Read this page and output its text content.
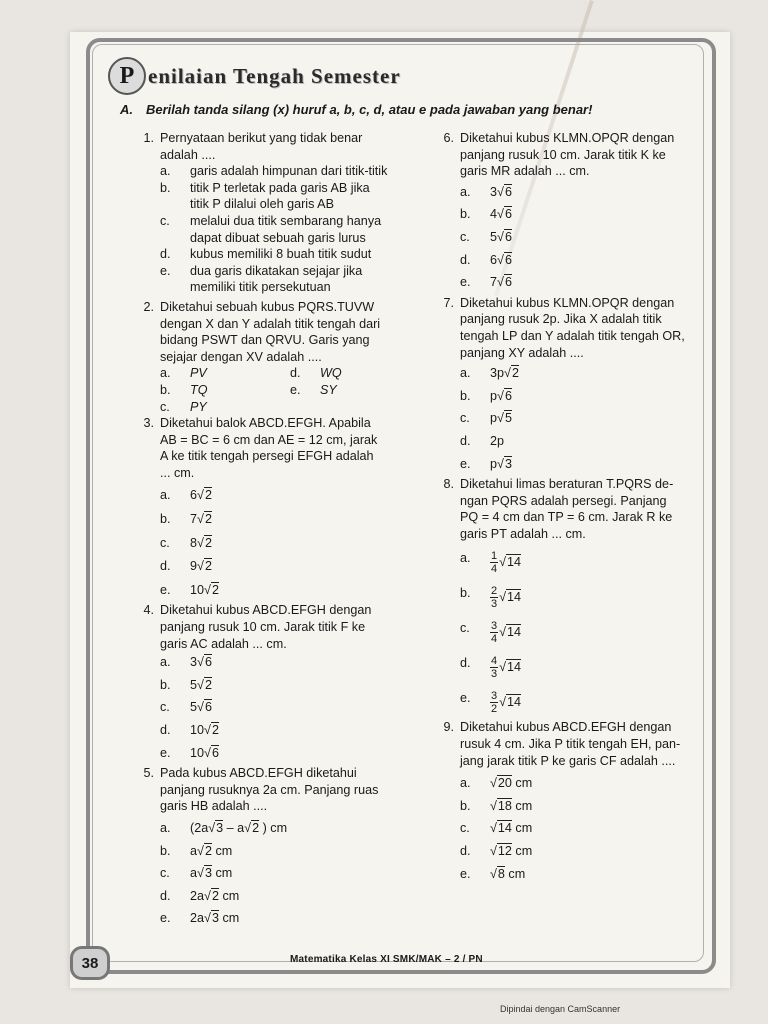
P enilaian Tengah Semester
A. Berilah tanda silang (x) huruf a, b, c, d, atau e pada jawaban yang benar!
1. Pernyataan berikut yang tidak benar
adalah ....
a. garis adalah himpunan dari titik-titik
b. titik P terletak pada garis AB jika
titik P dilalui oleh garis AB
c. melalui dua titik sembarang hanya
dapat dibuat sebuah garis lurus
d. kubus memiliki 8 buah titik sudut
e. dua garis dikatakan sejajar jika
memiliki titik persekutuan
2. Diketahui sebuah kubus PQRS.TUVW
dengan X dan Y adalah titik tengah dari
bidang PSWT dan QRVU. Garis yang
sejajar dengan XV adalah ....
a. PV	d. WQ
b. TQ	e. SY
c. PY
3. Diketahui balok ABCD.EFGH. Apabila
AB = BC = 6 cm dan AE = 12 cm, jarak
A ke titik tengah persegi EFGH adalah
... cm.
a. 6√2
b. 7√2
c. 8√2
d. 9√2
e. 10√2
4. Diketahui kubus ABCD.EFGH dengan
panjang rusuk 10 cm. Jarak titik F ke
garis AC adalah ... cm.
a. 3√6
b. 5√2
c. 5√6
d. 10√2
e. 10√6
5. Pada kubus ABCD.EFGH diketahui
panjang rusuknya 2a cm. Panjang ruas
garis HB adalah ....
a. (2a√3 – a√2 ) cm
b. a√2 cm
c. a√3 cm
d. 2a√2 cm
e. 2a√3 cm
6. Diketahui kubus KLMN.OPQR dengan
panjang rusuk 10 cm. Jarak titik K ke
garis MR adalah ... cm.
a. 3√6
b. 4√6
c. 5√6
d. 6√6
e. 7√6
7. Diketahui kubus KLMN.OPQR dengan
panjang rusuk 2p. Jika X adalah titik
tengah LP dan Y adalah titik tengah OR,
panjang XY adalah ....
a. 3p√2
b. p√6
c. p√5
d. 2p
e. p√3
8. Diketahui limas beraturan T.PQRS de-
ngan PQRS adalah persegi. Panjang
PQ = 4 cm dan TP = 6 cm. Jarak R ke
garis PT adalah ... cm.
a. $\frac{1}{4} √14$
b. $\frac{2}{3} √14$
c. $\frac{3}{4} √14$
d. $\frac{4}{3} √14$
e. $\frac{3}{2} √14$
9. Diketahui kubus ABCD.EFGH dengan
rusuk 4 cm. Jika P titik tengah EH, pan-
jang jarak titik P ke garis CF adalah ....
a. √20 cm
b. √18 cm
c. √14 cm
d. √12 cm
e. √8 cm
38	Matematika Kelas XI SMK/MAK – 2 / PN
Dipindai dengan CamScanner
